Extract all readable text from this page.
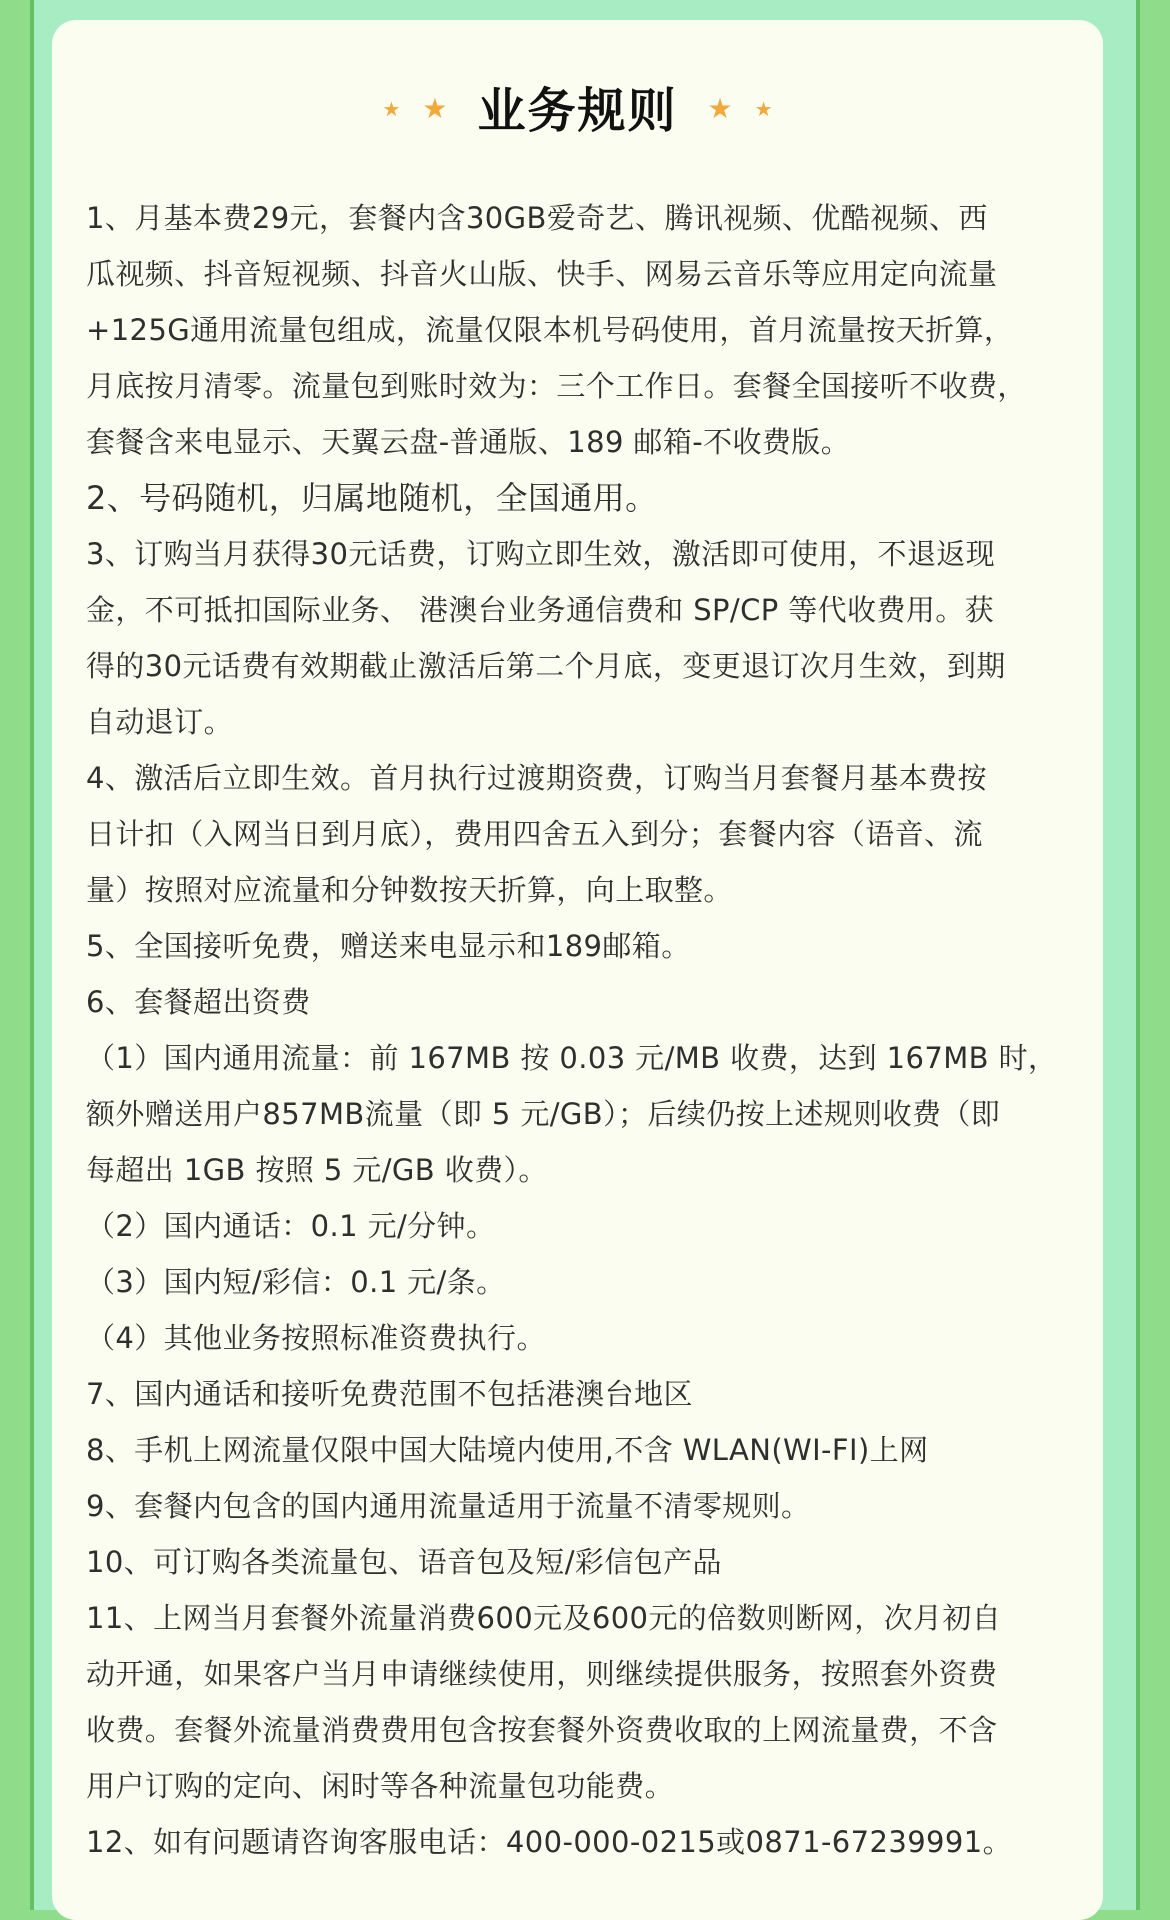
★ ★ 业务规则 ★ ★
1、月基本费29元，套餐内含30GB爱奇艺、腾讯视频、优酷视频、西
瓜视频、抖音短视频、抖音火山版、快手、网易云音乐等应用定向流量
+125G通用流量包组成，流量仅限本机号码使用，首月流量按天折算，
月底按月清零。流量包到账时效为：三个工作日。套餐全国接听不收费，
套餐含来电显示、天翼云盘-普通版、189 邮箱-不收费版。
2、号码随机，归属地随机，全国通用。
3、订购当月获得30元话费，订购立即生效，激活即可使用，不退返现
金，不可抵扣国际业务、 港澳台业务通信费和 SP/CP 等代收费用。获
得的30元话费有效期截止激活后第二个月底，变更退订次月生效，到期
自动退订。
4、激活后立即生效。首月执行过渡期资费，订购当月套餐月基本费按
日计扣（入网当日到月底），费用四舍五入到分；套餐内容（语音、流
量）按照对应流量和分钟数按天折算，向上取整。
5、全国接听免费，赠送来电显示和189邮箱。
6、套餐超出资费
（1）国内通用流量：前 167MB 按 0.03 元/MB 收费，达到 167MB 时，
额外赠送用户857MB流量（即 5 元/GB）；后续仍按上述规则收费（即
每超出 1GB 按照 5 元/GB 收费）。
（2）国内通话：0.1 元/分钟。
（3）国内短/彩信：0.1 元/条。
（4）其他业务按照标准资费执行。
7、国内通话和接听免费范围不包括港澳台地区
8、手机上网流量仅限中国大陆境内使用,不含 WLAN(WI-FI)上网
9、套餐内包含的国内通用流量适用于流量不清零规则。
10、可订购各类流量包、语音包及短/彩信包产品
11、上网当月套餐外流量消费600元及600元的倍数则断网，次月初自
动开通，如果客户当月申请继续使用，则继续提供服务，按照套外资费
收费。套餐外流量消费费用包含按套餐外资费收取的上网流量费，不含
用户订购的定向、闲时等各种流量包功能费。
12、如有问题请咨询客服电话：400-000-0215或0871-67239991。
